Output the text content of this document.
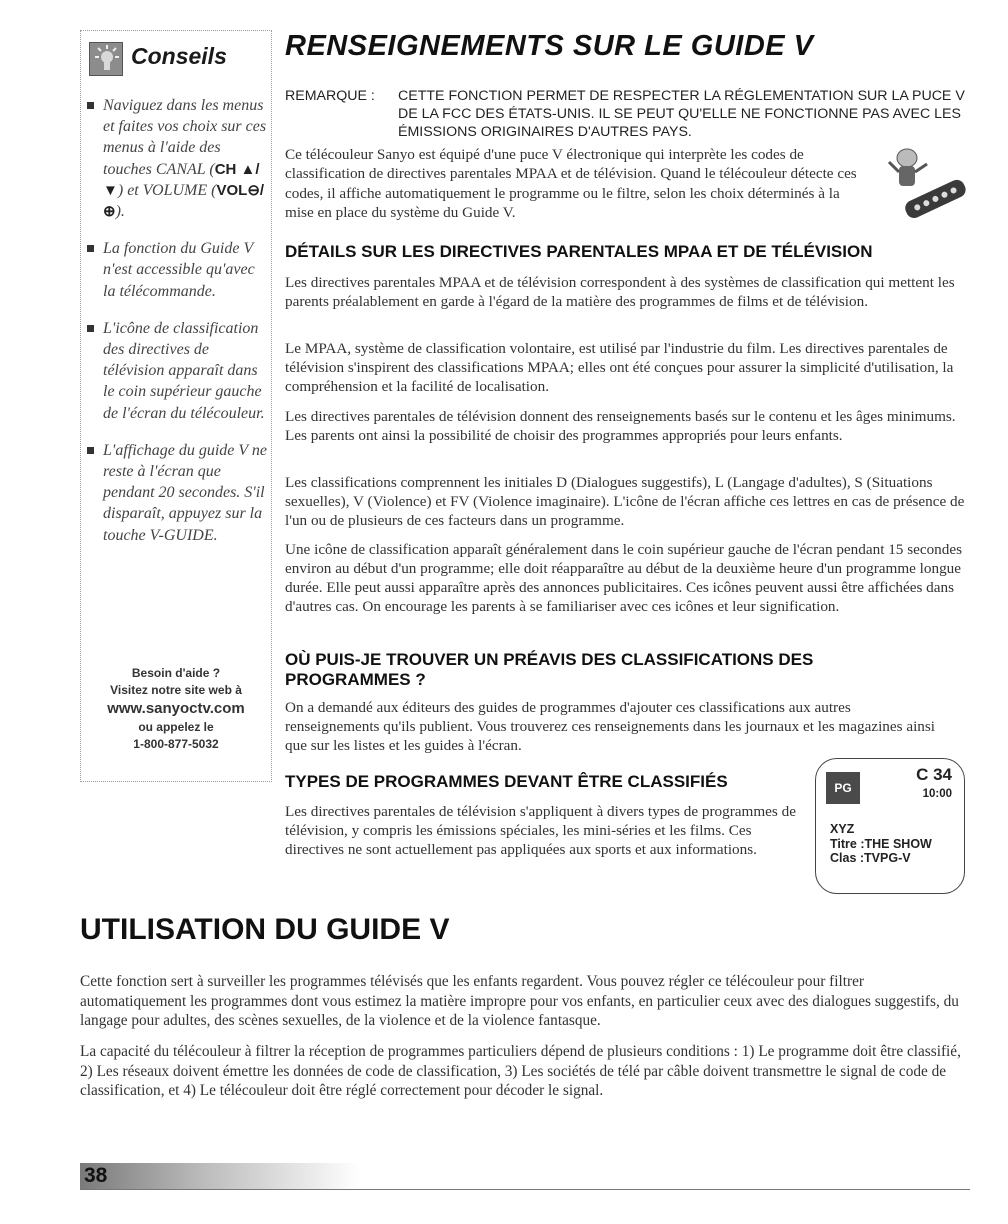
Conseils
Naviguez dans les menus et faites vos choix sur ces menus à l'aide des touches CANAL (CH ▲/▼) et VOLUME (VOL⊖/⊕).
La fonction du Guide V n'est accessible qu'avec la télécommande.
L'icône de classification des directives de télévision apparaît dans le coin supérieur gauche de l'écran du télécouleur.
L'affichage du guide V ne reste à l'écran que pendant 20 secondes. S'il disparaît, appuyez sur la touche V-GUIDE.
Besoin d'aide ?
Visitez notre site web à
www.sanyoctv.com
ou appelez le
1-800-877-5032
RENSEIGNEMENTS SUR LE GUIDE V
REMARQUE : CETTE FONCTION PERMET DE RESPECTER LA RÉGLEMENTATION SUR LA PUCE V DE LA FCC DES ÉTATS-UNIS. IL SE PEUT QU'ELLE NE FONCTIONNE PAS AVEC LES ÉMISSIONS ORIGINAIRES D'AUTRES PAYS.
Ce télécouleur Sanyo est équipé d'une puce V électronique qui interprète les codes de classification de directives parentales MPAA et de télévision. Quand le télécouleur détecte ces codes, il affiche automatiquement le programme ou le filtre, selon les choix déterminés à la mise en place du système du Guide V.
DÉTAILS SUR LES DIRECTIVES PARENTALES MPAA ET DE TÉLÉVISION
Les directives parentales MPAA et de télévision correspondent à des systèmes de classification qui mettent les parents préalablement en garde à l'égard de la matière des programmes de films et de télévision.
Le MPAA, système de classification volontaire, est utilisé par l'industrie du film. Les directives parentales de télévision s'inspirent des classifications MPAA; elles ont été conçues pour assurer la simplicité d'utilisation, la compréhension et la facilité de localisation.
Les directives parentales de télévision donnent des renseignements basés sur le contenu et les âges minimums. Les parents ont ainsi la possibilité de choisir des programmes appropriés pour leurs enfants.
Les classifications comprennent les initiales D (Dialogues suggestifs), L (Langage d'adultes), S (Situations sexuelles), V (Violence) et FV (Violence imaginaire). L'icône de l'écran affiche ces lettres en cas de présence de l'un ou de plusieurs de ces facteurs dans un programme.
Une icône de classification apparaît généralement dans le coin supérieur gauche de l'écran pendant 15 secondes environ au début d'un programme; elle doit réapparaître au début de la deuxième heure d'un programme longue durée. Elle peut aussi apparaître après des annonces publicitaires. Ces icônes peuvent aussi être affichées dans d'autres cas. On encourage les parents à se familiariser avec ces icônes et leur signification.
OÙ PUIS-JE TROUVER UN PRÉAVIS DES CLASSIFICATIONS DES PROGRAMMES ?
On a demandé aux éditeurs des guides de programmes d'ajouter ces classifications aux autres renseignements qu'ils publient. Vous trouverez ces renseignements dans les journaux et les magazines ainsi que sur les listes et les guides à l'écran.
TYPES DE PROGRAMMES DEVANT ÊTRE CLASSIFIÉS
Les directives parentales de télévision s'appliquent à divers types de programmes de télévision, y compris les émissions spéciales, les mini-séries et les films. Ces directives ne sont actuellement pas appliquées aux sports et aux informations.
PG
C 34
10:00
XYZ
Titre :THE SHOW
Clas :TVPG-V
UTILISATION DU GUIDE V
Cette fonction sert à surveiller les programmes télévisés que les enfants regardent. Vous pouvez régler ce télécouleur pour filtrer automatiquement les programmes dont vous estimez la matière impropre pour vos enfants, en particulier ceux avec des dialogues suggestifs, du langage pour adultes, des scènes sexuelles, de la violence et de la violence fantasque.
La capacité du télécouleur à filtrer la réception de programmes particuliers dépend de plusieurs conditions : 1) Le programme doit être classifié, 2) Les réseaux doivent émettre les données de code de classification, 3) Les sociétés de télé par câble doivent transmettre le signal de code de classification, et 4) Le télécouleur doit être réglé correctement pour décoder le signal.
38
